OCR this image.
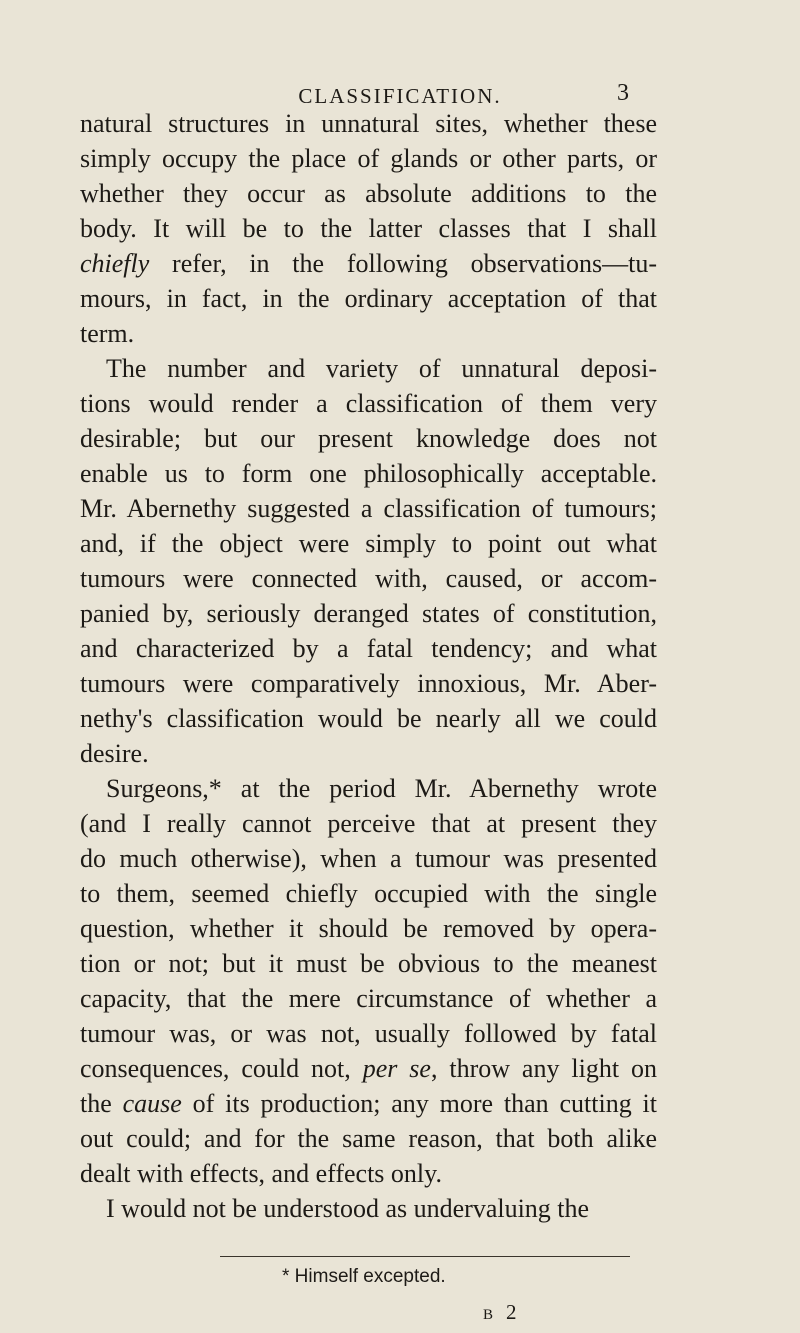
CLASSIFICATION.	3
natural structures in unnatural sites, whether these
simply occupy the place of glands or other parts, or
whether they occur as absolute additions to the
body. It will be to the latter classes that I shall
chiefly refer, in the following observations—tu-
mours, in fact, in the ordinary acceptation of that
term.
The number and variety of unnatural deposi-
tions would render a classification of them very
desirable; but our present knowledge does not
enable us to form one philosophically acceptable.
Mr. Abernethy suggested a classification of tumours;
and, if the object were simply to point out what
tumours were connected with, caused, or accom-
panied by, seriously deranged states of constitution,
and characterized by a fatal tendency; and what
tumours were comparatively innoxious, Mr. Aber-
nethy's classification would be nearly all we could
desire.
Surgeons,* at the period Mr. Abernethy wrote
(and I really cannot perceive that at present they
do much otherwise), when a tumour was presented
to them, seemed chiefly occupied with the single
question, whether it should be removed by opera-
tion or not; but it must be obvious to the meanest
capacity, that the mere circumstance of whether a
tumour was, or was not, usually followed by fatal
consequences, could not, per se, throw any light on
the cause of its production; any more than cutting it
out could; and for the same reason, that both alike
dealt with effects, and effects only.
I would not be understood as undervaluing the
* Himself excepted.
B 2
